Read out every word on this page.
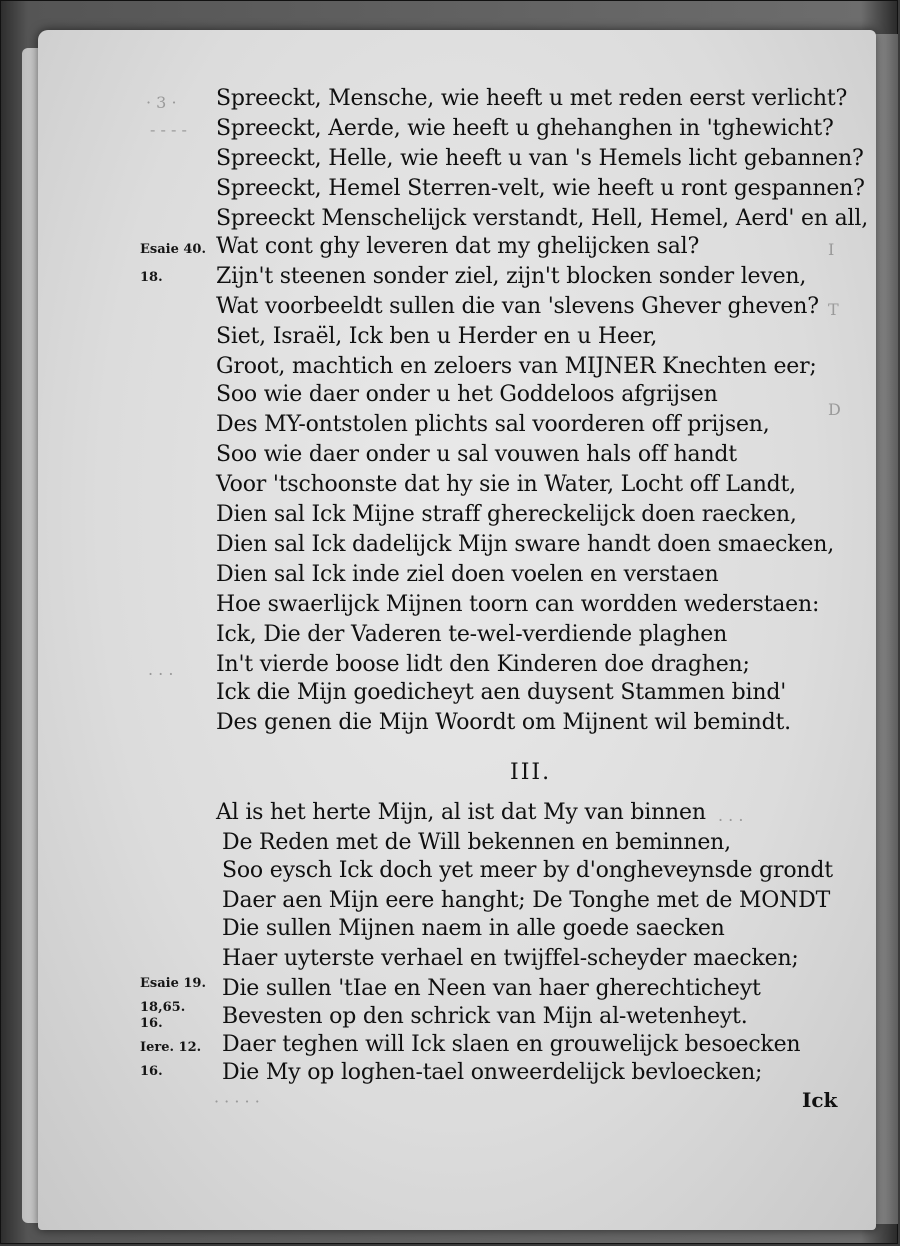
· 3 ·
- - - -
I
T
D
. . .
. . .
· · · · ·
Spreeckt, Mensche, wie heeft u met reden eerst verlicht?
Spreeckt, Aerde, wie heeft u ghehanghen in 'tghewicht?
Spreeckt, Helle, wie heeft u van 's Hemels licht gebannen?
Spreeckt, Hemel Sterren-velt, wie heeft u ront gespannen?
Spreeckt Menschelijck verstandt, Hell, Hemel, Aerd' en all,
Wat cont ghy leveren dat my ghelijcken sal?
Zijn't steenen sonder ziel, zijn't blocken sonder leven,
Wat voorbeeldt sullen die van 'slevens Ghever gheven?
Siet, Israël, Ick ben u Herder en u Heer,
Groot, machtich en zeloers van MIJNER Knechten eer;
Soo wie daer onder u het Goddeloos afgrijsen
Des MY-ontstolen plichts sal voorderen off prijsen,
Soo wie daer onder u sal vouwen hals off handt
Voor 'tschoonste dat hy sie in Water, Locht off Landt,
Dien sal Ick Mijne straff ghereckelijck doen raecken,
Dien sal Ick dadelijck Mijn sware handt doen smaecken,
Dien sal Ick inde ziel doen voelen en verstaen
Hoe swaerlijck Mijnen toorn can wordden wederstaen:
Ick, Die der Vaderen te-wel-verdiende plaghen
In't vierde boose lidt den Kinderen doe draghen;
Ick die Mijn goedicheyt aen duysent Stammen bind'
Des genen die Mijn Woordt om Mijnent wil bemindt.
III.
Al is het herte Mijn, al ist dat My van binnen
De Reden met de Will bekennen en beminnen,
Soo eysch Ick doch yet meer by d'ongheveynsde grondt
Daer aen Mijn eere hanght; De Tonghe met de MONDT
Die sullen Mijnen naem in alle goede saecken
Haer uyterste verhael en twijffel-scheyder maecken;
Die sullen 'tIae en Neen van haer gherechticheyt
Bevesten op den schrick van Mijn al-wetenheyt.
Daer teghen will Ick slaen en grouwelijck besoecken
Die My op loghen-tael onweerdelijck bevloecken;
Esaie 40.
18.
Esaie 19.
18,65.
16.
Iere. 12.
16.
Ick
